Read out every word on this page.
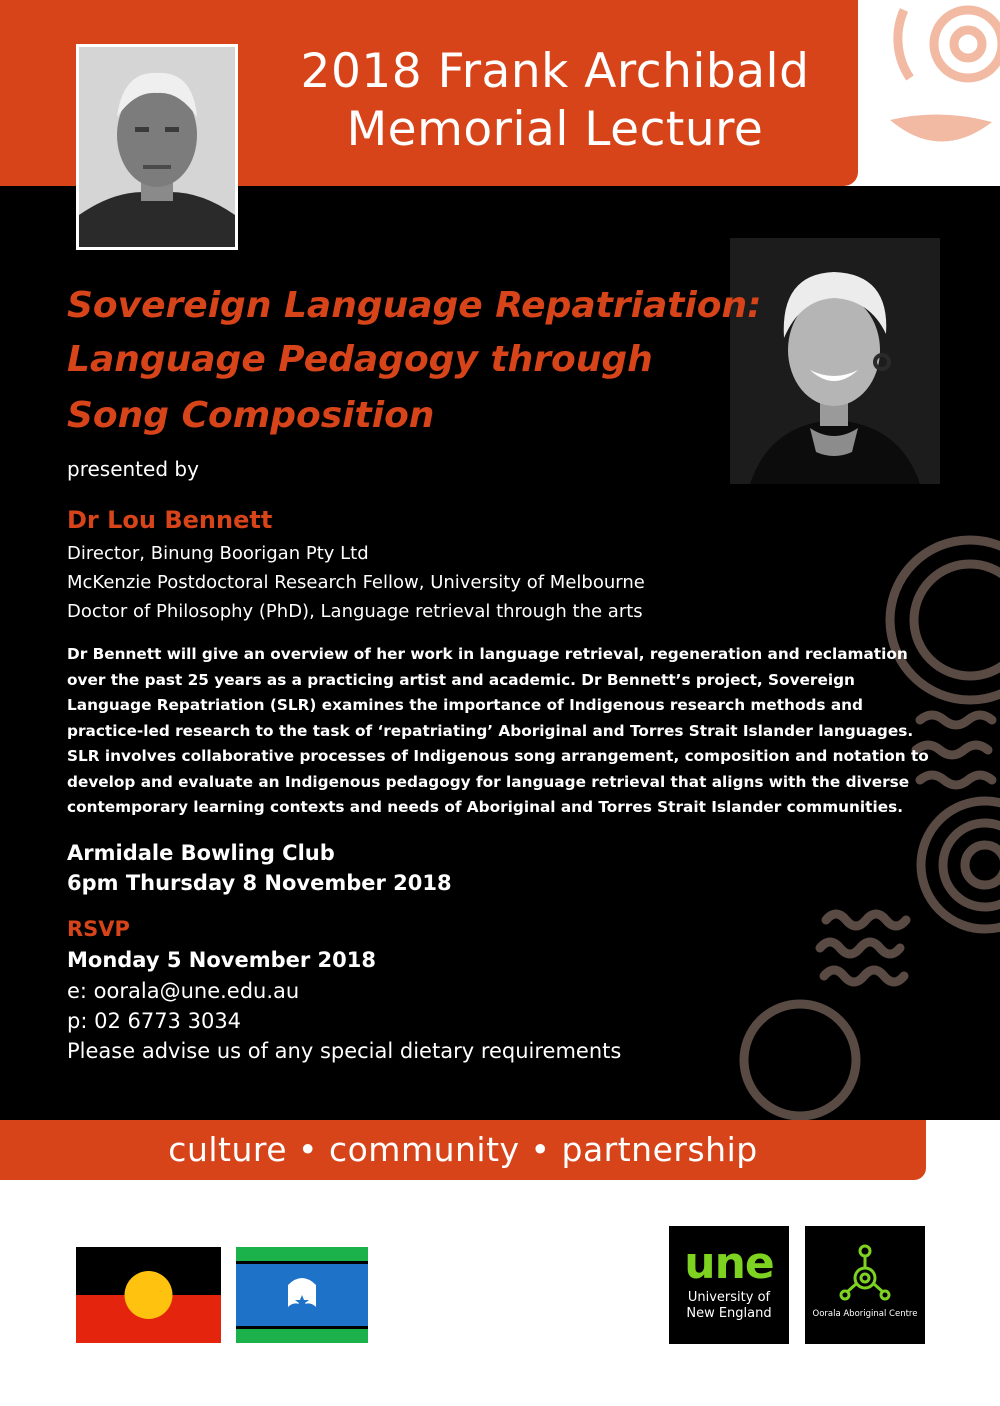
2018 Frank Archibald
Memorial Lecture
Sovereign Language Repatriation:
Language Pedagogy through
Song Composition
presented by
Dr Lou Bennett
Director, Binung Boorigan Pty Ltd
McKenzie Postdoctoral Research Fellow, University of Melbourne
Doctor of Philosophy (PhD), Language retrieval through the arts

Dr Bennett will give an overview of her work in language retrieval, regeneration and reclamation over the past 25 years as a practicing artist and academic. Dr Bennett’s project, Sovereign Language Repatriation (SLR) examines the importance of Indigenous research methods and practice-led research to the task of ‘repatriating’ Aboriginal and Torres Strait Islander languages. SLR involves collaborative processes of Indigenous song arrangement, composition and notation to develop and evaluate an Indigenous pedagogy for language retrieval that aligns with the diverse contemporary learning contexts and needs of Aboriginal and Torres Strait Islander communities.

Armidale Bowling Club
6pm Thursday 8 November 2018
RSVP
Monday 5 November 2018
e: oorala@une.edu.au
p: 02 6773 3034
Please advise us of any special dietary requirements
culture • community • partnership
une
University of
New England	Oorala Aboriginal Centre
